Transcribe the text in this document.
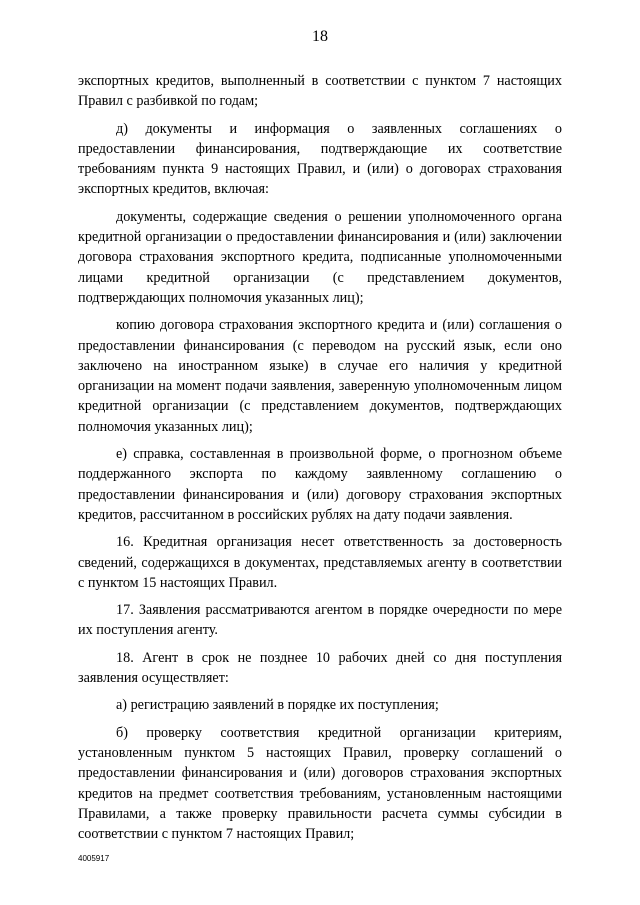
18

экспортных кредитов, выполненный в соответствии с пунктом 7 настоящих Правил с разбивкой по годам;

д) документы и информация о заявленных соглашениях о предоставлении финансирования, подтверждающие их соответствие требованиям пункта 9 настоящих Правил, и (или) о договорах страхования экспортных кредитов, включая:

документы, содержащие сведения о решении уполномоченного органа кредитной организации о предоставлении финансирования и (или) заключении договора страхования экспортного кредита, подписанные уполномоченными лицами кредитной организации (с представлением документов, подтверждающих полномочия указанных лиц);

копию договора страхования экспортного кредита и (или) соглашения о предоставлении финансирования (с переводом на русский язык, если оно заключено на иностранном языке) в случае его наличия у кредитной организации на момент подачи заявления, заверенную уполномоченным лицом кредитной организации (с представлением документов, подтверждающих полномочия указанных лиц);

е) справка, составленная в произвольной форме, о прогнозном объеме поддержанного экспорта по каждому заявленному соглашению о предоставлении финансирования и (или) договору страхования экспортных кредитов, рассчитанном в российских рублях на дату подачи заявления.

16. Кредитная организация несет ответственность за достоверность сведений, содержащихся в документах, представляемых агенту в соответствии с пунктом 15 настоящих Правил.

17. Заявления рассматриваются агентом в порядке очередности по мере их поступления агенту.

18. Агент в срок не позднее 10 рабочих дней со дня поступления заявления осуществляет:

а) регистрацию заявлений в порядке их поступления;

б) проверку соответствия кредитной организации критериям, установленным пунктом 5 настоящих Правил, проверку соглашений о предоставлении финансирования и (или) договоров страхования экспортных кредитов на предмет соответствия требованиям, установленным настоящими Правилами, а также проверку правильности расчета суммы субсидии в соответствии с пунктом 7 настоящих Правил;

4005917
